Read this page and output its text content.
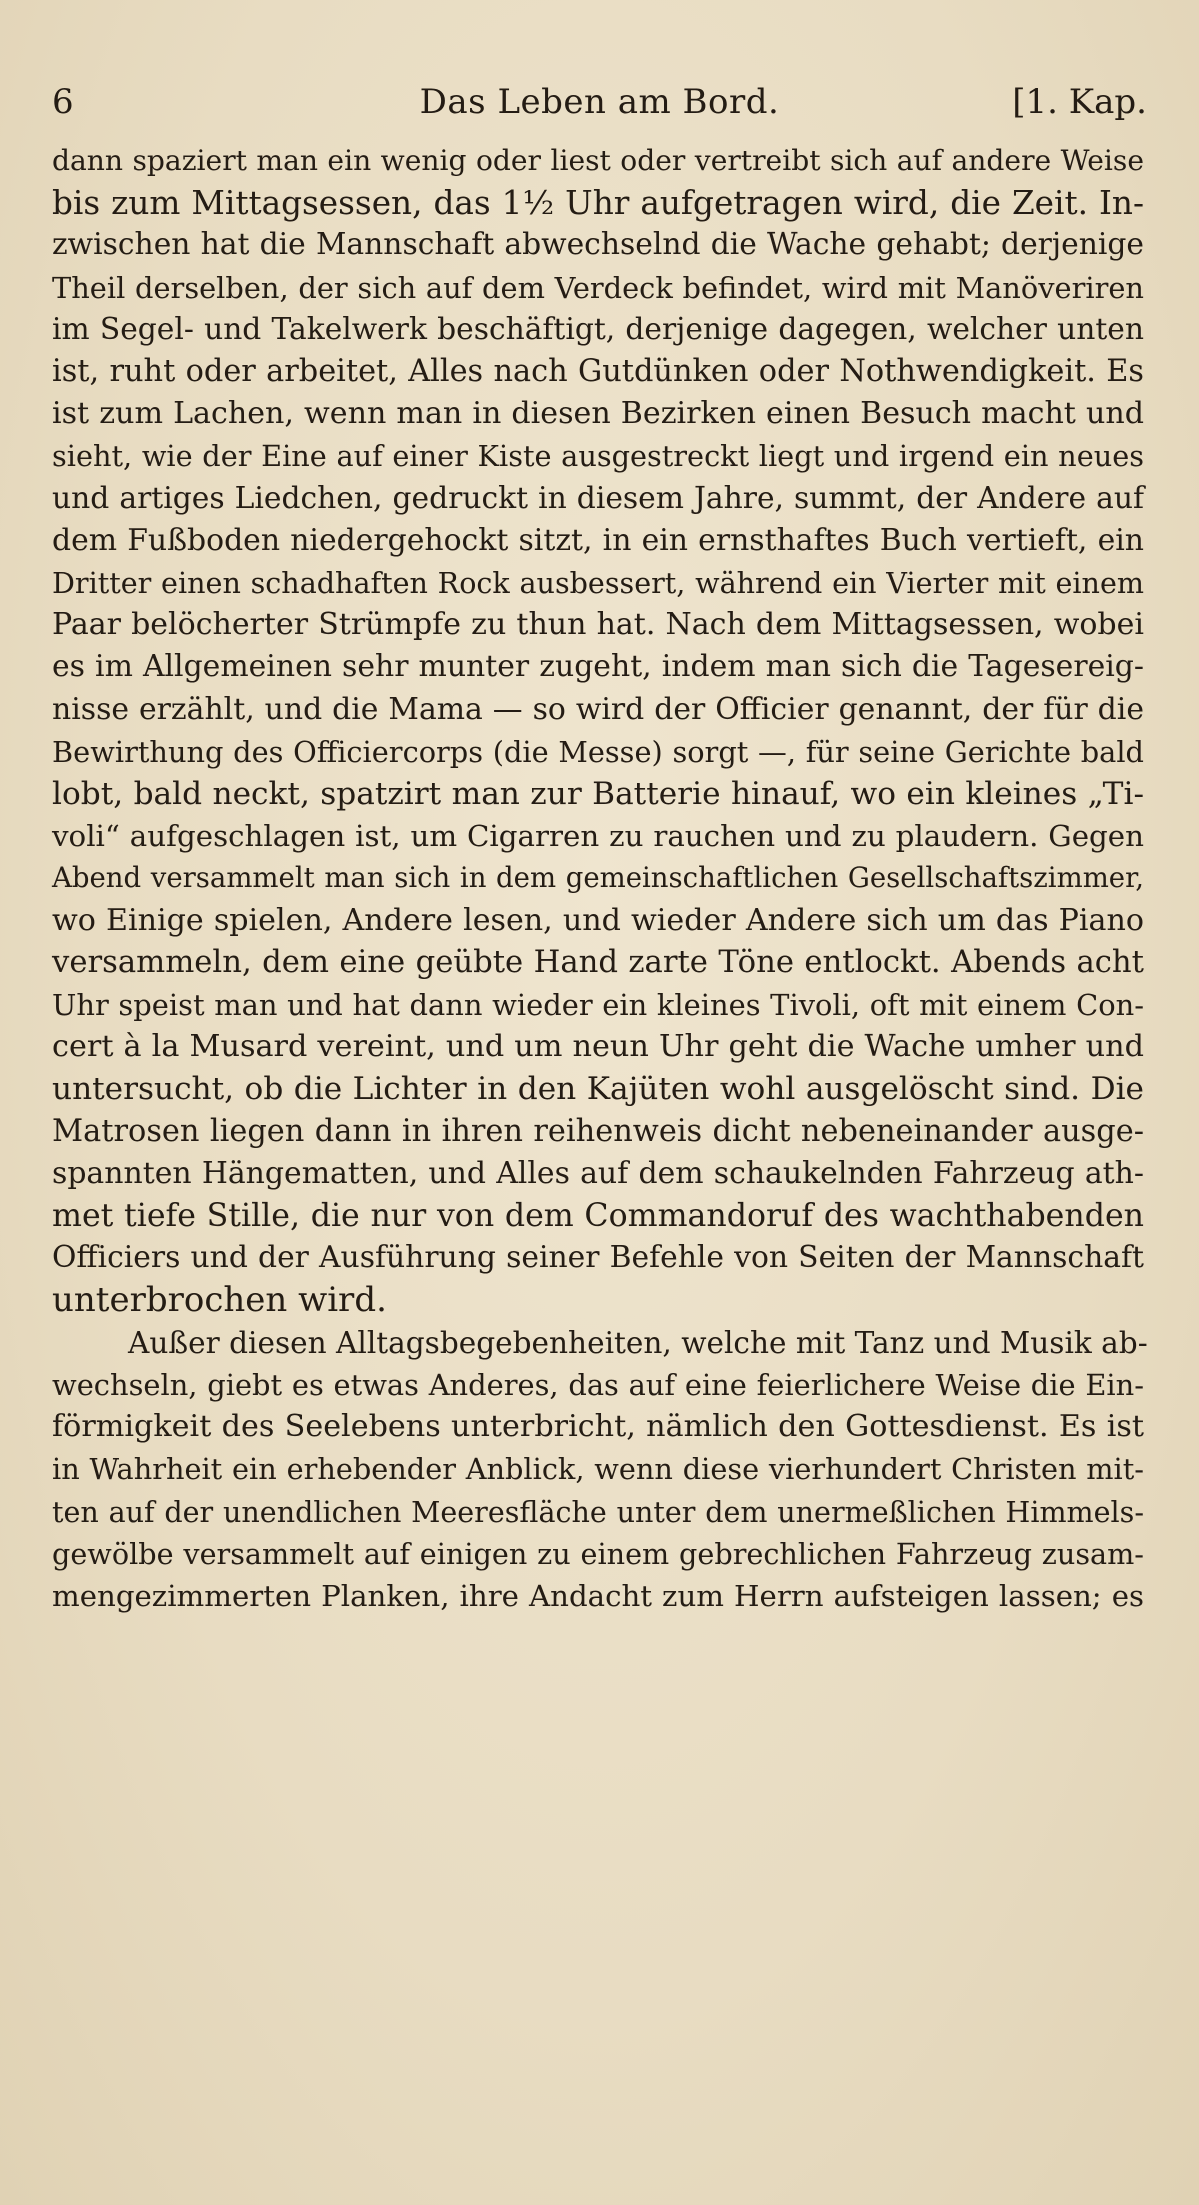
6	Das Leben am Bord.	[1. Kap.
dann spaziert man ein wenig oder liest oder vertreibt sich auf andere Weise
bis zum Mittagsessen, das 1½ Uhr aufgetragen wird, die Zeit. In-
zwischen hat die Mannschaft abwechselnd die Wache gehabt; derjenige
Theil derselben, der sich auf dem Verdeck befindet, wird mit Manöveriren
im Segel- und Takelwerk beschäftigt, derjenige dagegen, welcher unten
ist, ruht oder arbeitet, Alles nach Gutdünken oder Nothwendigkeit. Es
ist zum Lachen, wenn man in diesen Bezirken einen Besuch macht und
sieht, wie der Eine auf einer Kiste ausgestreckt liegt und irgend ein neues
und artiges Liedchen, gedruckt in diesem Jahre, summt, der Andere auf
dem Fußboden niedergehockt sitzt, in ein ernsthaftes Buch vertieft, ein
Dritter einen schadhaften Rock ausbessert, während ein Vierter mit einem
Paar belöcherter Strümpfe zu thun hat. Nach dem Mittagsessen, wobei
es im Allgemeinen sehr munter zugeht, indem man sich die Tagesereig-
nisse erzählt, und die Mama — so wird der Officier genannt, der für die
Bewirthung des Officiercorps (die Messe) sorgt —, für seine Gerichte bald
lobt, bald neckt, spatzirt man zur Batterie hinauf, wo ein kleines „Ti-
voli“ aufgeschlagen ist, um Cigarren zu rauchen und zu plaudern. Gegen
Abend versammelt man sich in dem gemeinschaftlichen Gesellschaftszimmer,
wo Einige spielen, Andere lesen, und wieder Andere sich um das Piano
versammeln, dem eine geübte Hand zarte Töne entlockt. Abends acht
Uhr speist man und hat dann wieder ein kleines Tivoli, oft mit einem Con-
cert à la Musard vereint, und um neun Uhr geht die Wache umher und
untersucht, ob die Lichter in den Kajüten wohl ausgelöscht sind. Die
Matrosen liegen dann in ihren reihenweis dicht nebeneinander ausge-
spannten Hängematten, und Alles auf dem schaukelnden Fahrzeug ath-
met tiefe Stille, die nur von dem Commandoruf des wachthabenden
Officiers und der Ausführung seiner Befehle von Seiten der Mannschaft
unterbrochen wird.
Außer diesen Alltagsbegebenheiten, welche mit Tanz und Musik ab-
wechseln, giebt es etwas Anderes, das auf eine feierlichere Weise die Ein-
förmigkeit des Seelebens unterbricht, nämlich den Gottesdienst. Es ist
in Wahrheit ein erhebender Anblick, wenn diese vierhundert Christen mit-
ten auf der unendlichen Meeresfläche unter dem unermeßlichen Himmels-
gewölbe versammelt auf einigen zu einem gebrechlichen Fahrzeug zusam-
mengezimmerten Planken, ihre Andacht zum Herrn aufsteigen lassen; es
